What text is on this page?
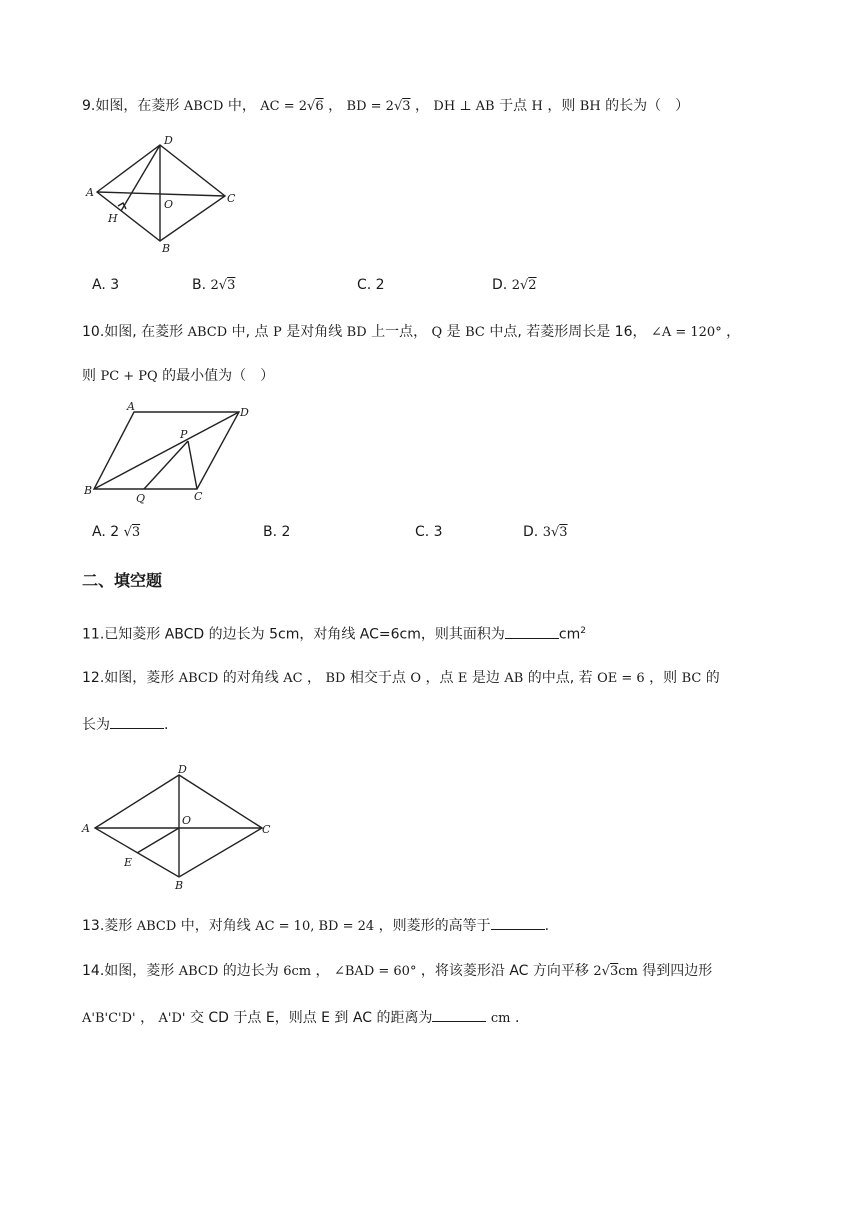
9.如图，在菱形 ABCD 中， AC = 2√6 ， BD = 2√3 ， DH ⊥ AB 于点 H ，则 BH 的长为（　）
A
D
C
B
O
H
A. 3	B. 2√3	C. 2	D. 2√2
10.如图, 在菱形 ABCD 中, 点 P 是对角线 BD 上一点， Q 是 BC 中点, 若菱形周长是 16， ∠A = 120° ，
则 PC + PQ 的最小值为（　）
A	D
P
B
Q	C
A. 2 √3	B. 2	C. 3	D. 3√3
二、填空题
11.已知菱形 ABCD 的边长为 5cm，对角线 AC=6cm，则其面积为	$cm^2$
12.如图，菱形 ABCD 的对角线 AC ， BD 相交于点 O ，点 E 是边 AB 的中点, 若 OE = 6 ，则 BC 的
长为	.
D
A
O
C
E
B
13.菱形 ABCD 中，对角线 AC = 10, BD = 24 ，则菱形的高等于	.
14.如图，菱形 ABCD 的边长为 6cm ， ∠BAD = 60° ，将该菱形沿 AC 方向平移 2√3cm 得到四边形
A'B'C'D' ， A'D' 交 CD 于点 E，则点 E 到 AC 的距离为	cm .
